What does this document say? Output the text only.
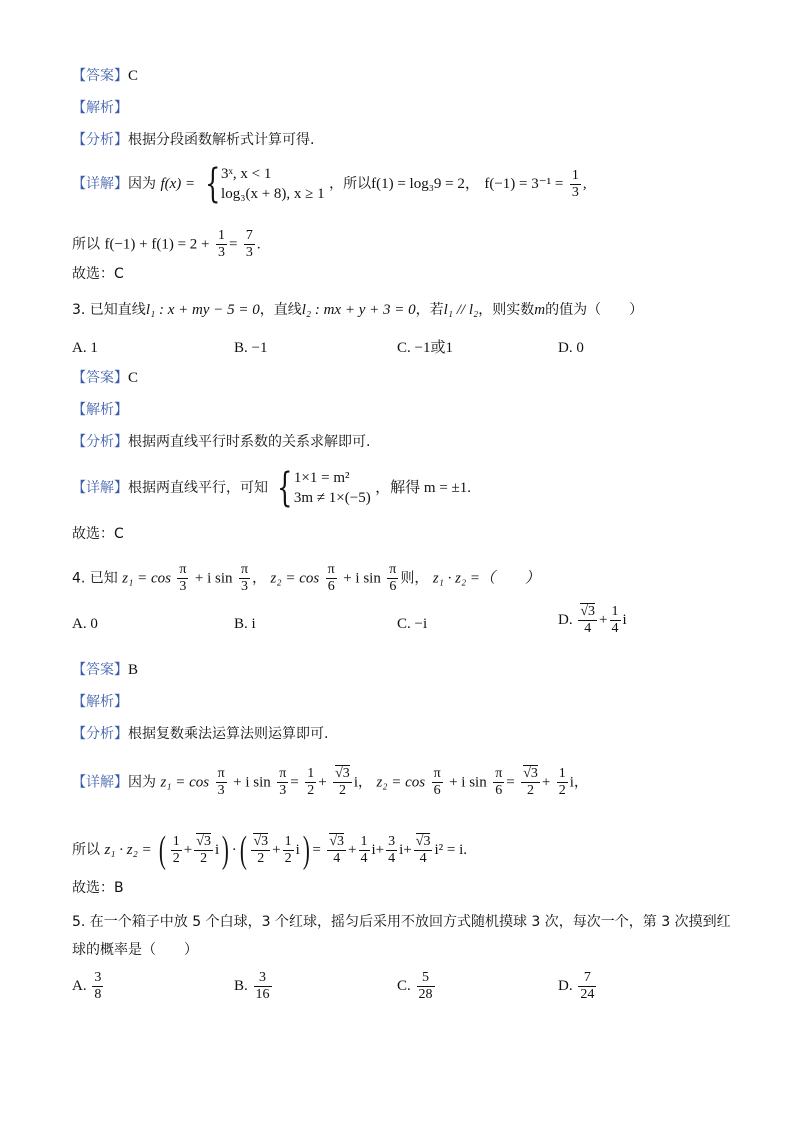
【答案】C
【解析】
【分析】根据分段函数解析式计算可得.
【详解】因为 f(x) = { 3ˣ, x < 1
log₃(x + 8), x ≥ 1
，所以f(1) = log₃9 = 2， $f(-1) = 3^{-1} = \frac{1}{3}$ ,
所以 $f(-1) + f(1) = 2 + \frac{1}{3} = \frac{7}{3}$ .
故选：C
3. 已知直线l₁ : x + my − 5 = 0，直线l₂ : mx + y + 3 = 0，若l₁ // l₂，则实数m的值为（　　）
A. 1	B. −1	C. −1或1	D. 0
【答案】C
【解析】
【分析】根据两直线平行时系数的关系求解即可.
【详解】根据两直线平行，可知 { 1×1 = m²
3m ≠ 1×(−5)
，解得 m = ±1.
故选：C
4. 已知 $z_1 = \cos \frac{\pi}{3} + i$ $\sin \frac{\pi}{3}$ ， $z_2 = \cos \frac{\pi}{6} + i$ $\sin \frac{\pi}{6}$ 则， z₁ · z₂ =（　　）
A. 0	B. i	C. −i	D. $\frac{√3}{4} + \frac{1}{4}$ i
【答案】B
【解析】
【分析】根据复数乘法运算法则运算即可.
【详解】因为 $z_1 = \cos \frac{\pi}{3} + i$ $\sin \frac{\pi}{3} = \frac{1}{2} + \frac{√3}{2}$ i， $z_2 = \cos \frac{\pi}{6} + i$ $\sin \frac{\pi}{6} = \frac{√3}{2} + \frac{1}{2}$ i，
所以 z₁ · z₂ = ( $\frac{1}{2} + \frac{√3}{2} i$) ·( $\frac{√3}{2} + \frac{1}{2} i) = \frac{√3}{4} + \frac{1}{4} i+ \frac{3}{4} i+ \frac{√3}{4} i^2 = i$.
故选：B
5. 在一个箱子中放 5 个白球，3 个红球，摇匀后采用不放回方式随机摸球 3 次，每次一个，第 3 次摸到红
球的概率是（　　）
A. $\frac{3}{8}$	B. $\frac{3}{16}$	C. $\frac{5}{28}$	D. $\frac{7}{24}$
